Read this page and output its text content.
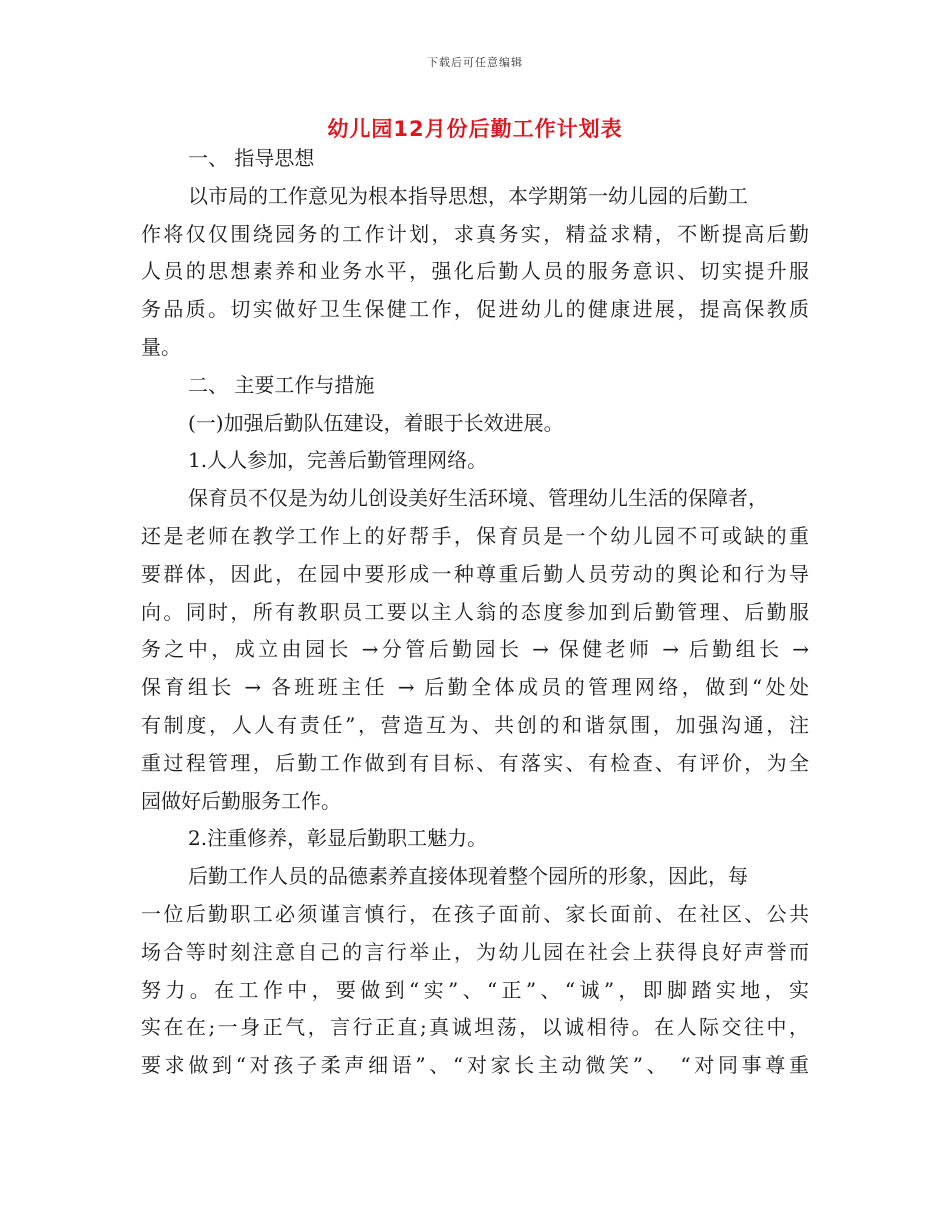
下载后可任意编辑
幼儿园12月份后勤工作计划表
一、 指导思想
以市局的工作意见为根本指导思想，本学期第一幼儿园的后勤工
作将仅仅围绕园务的工作计划，求真务实，精益求精，不断提高后勤
人员的思想素养和业务水平，强化后勤人员的服务意识、切实提升服
务品质。切实做好卫生保健工作，促进幼儿的健康进展，提高保教质
量。
二、 主要工作与措施
(一)加强后勤队伍建设，着眼于长效进展。
1.人人参加，完善后勤管理网络。
保育员不仅是为幼儿创设美好生活环境、管理幼儿生活的保障者，
还是老师在教学工作上的好帮手，保育员是一个幼儿园不可或缺的重
要群体，因此，在园中要形成一种尊重后勤人员劳动的舆论和行为导
向。同时，所有教职员工要以主人翁的态度参加到后勤管理、后勤服
务之中，成立由园长 →分管后勤园长 → 保健老师 → 后勤组长 →
保育组长 → 各班班主任 → 后勤全体成员的管理网络，做到“处处
有制度，人人有责任”，营造互为、共创的和谐氛围，加强沟通，注
重过程管理，后勤工作做到有目标、有落实、有检查、有评价，为全
园做好后勤服务工作。
2.注重修养，彰显后勤职工魅力。
后勤工作人员的品德素养直接体现着整个园所的形象，因此，每
一位后勤职工必须谨言慎行，在孩子面前、家长面前、在社区、公共
场合等时刻注意自己的言行举止，为幼儿园在社会上获得良好声誉而
努力。在工作中，要做到“实”、“正”、“诚”，即脚踏实地，实
实在在;一身正气，言行正直;真诚坦荡，以诚相待。在人际交往中，
要求做到“对孩子柔声细语”、“对家长主动微笑”、 “对同事尊重
